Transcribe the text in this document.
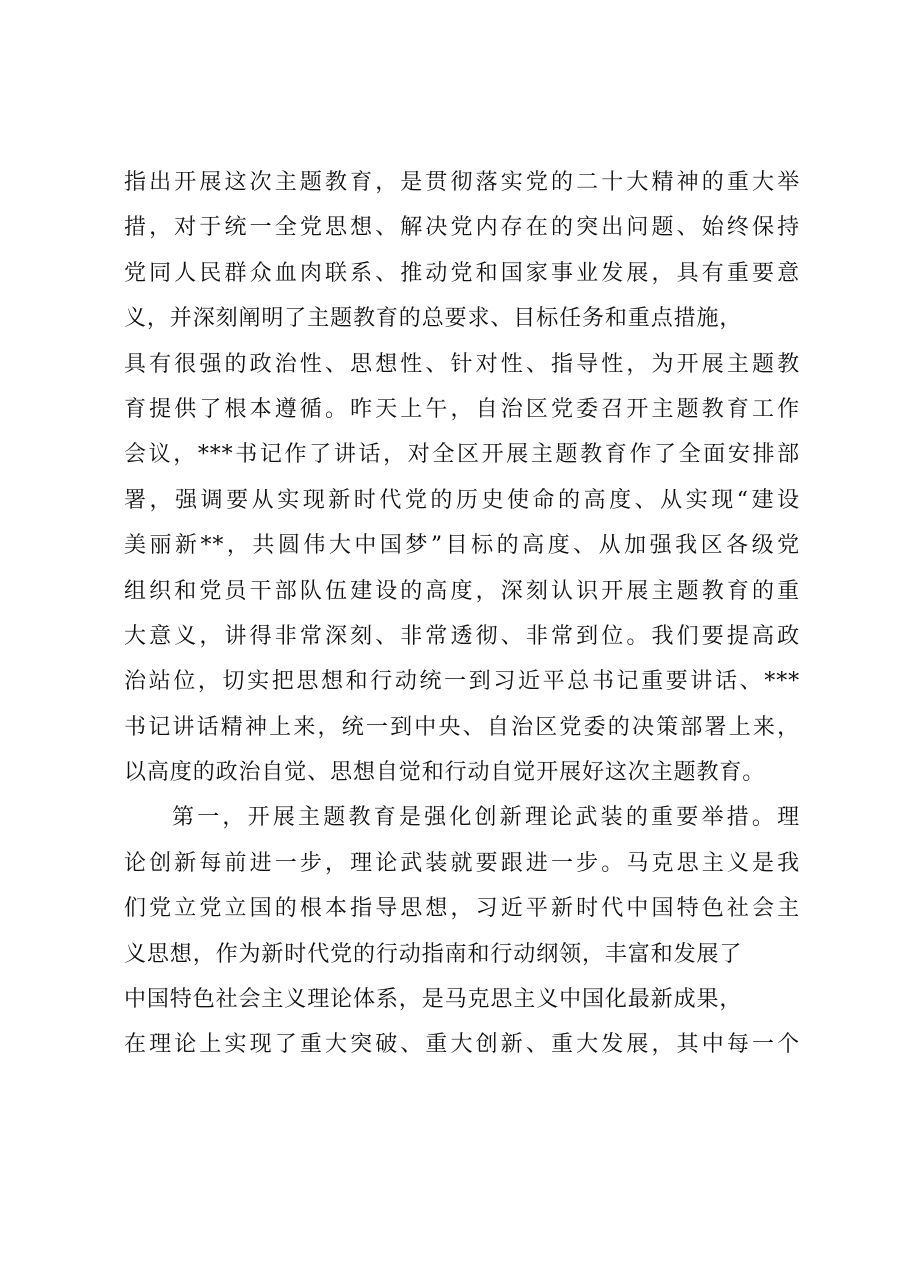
指出开展这次主题教育，是贯彻落实党的二十大精神的重大举
措，对于统一全党思想、解决党内存在的突出问题、始终保持
党同人民群众血肉联系、推动党和国家事业发展，具有重要意
义，并深刻阐明了主题教育的总要求、目标任务和重点措施，
具有很强的政治性、思想性、针对性、指导性，为开展主题教
育提供了根本遵循。昨天上午，自治区党委召开主题教育工作
会议，***书记作了讲话，对全区开展主题教育作了全面安排部
署，强调要从实现新时代党的历史使命的高度、从实现“建设
美丽新**，共圆伟大中国梦”目标的高度、从加强我区各级党
组织和党员干部队伍建设的高度，深刻认识开展主题教育的重
大意义，讲得非常深刻、非常透彻、非常到位。我们要提高政
治站位，切实把思想和行动统一到习近平总书记重要讲话、***
书记讲话精神上来，统一到中央、自治区党委的决策部署上来，
以高度的政治自觉、思想自觉和行动自觉开展好这次主题教育。
第一，开展主题教育是强化创新理论武装的重要举措。理
论创新每前进一步，理论武装就要跟进一步。马克思主义是我
们党立党立国的根本指导思想，习近平新时代中国特色社会主
义思想，作为新时代党的行动指南和行动纲领，丰富和发展了
中国特色社会主义理论体系，是马克思主义中国化最新成果，
在理论上实现了重大突破、重大创新、重大发展，其中每一个
